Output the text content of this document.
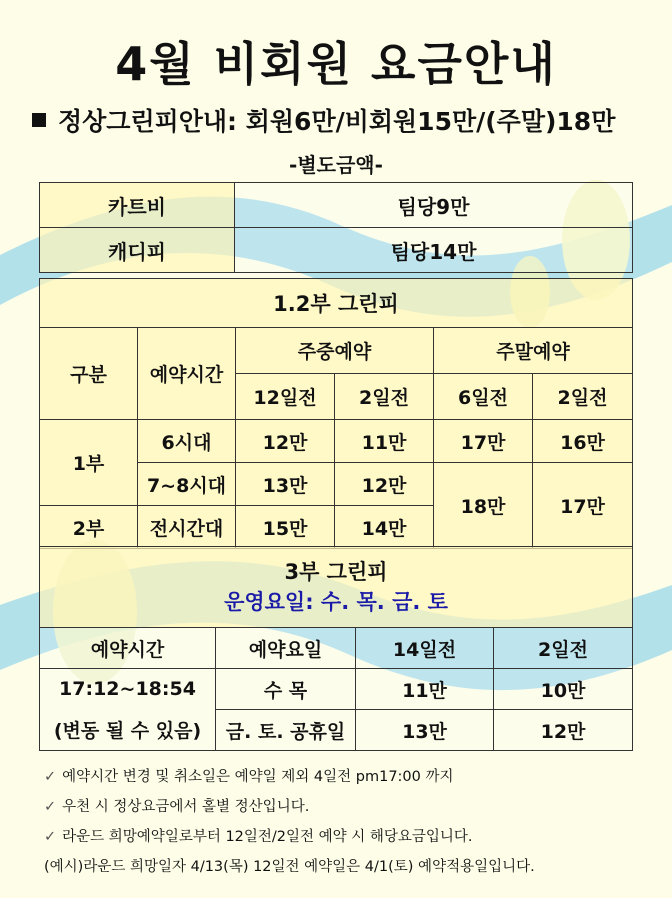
4월 비회원 요금안내
정상그린피안내: 회원6만/비회원15만/(주말)18만
-별도금액-
카트비	팀당9만
캐디피	팀당14만
1.2부 그린피					
구분	예약시간	주중예약		주말예약	
		12일전	2일전	6일전	2일전
1부	6시대	12만	11만	17만	16만
	7~8시대	13만	12만	18만	17만
2부	전시간대	15만	14만		
3부 그린피
운영요일: 수. 목. 금. 토			

예약시간	예약요일	14일전	2일전
17:12~18:54	수 목	11만	10만
(변동 될 수 있음)	금. 토. 공휴일	13만	12만
✓ 예약시간 변경 및 취소일은 예약일 제외 4일전 pm17:00 까지
✓ 우천 시 정상요금에서 홀별 정산입니다.
✓ 라운드 희망예약일로부터 12일전/2일전 예약 시 해당요금입니다.
(예시)라운드 희망일자 4/13(목) 12일전 예약일은 4/1(토) 예약적용일입니다.
